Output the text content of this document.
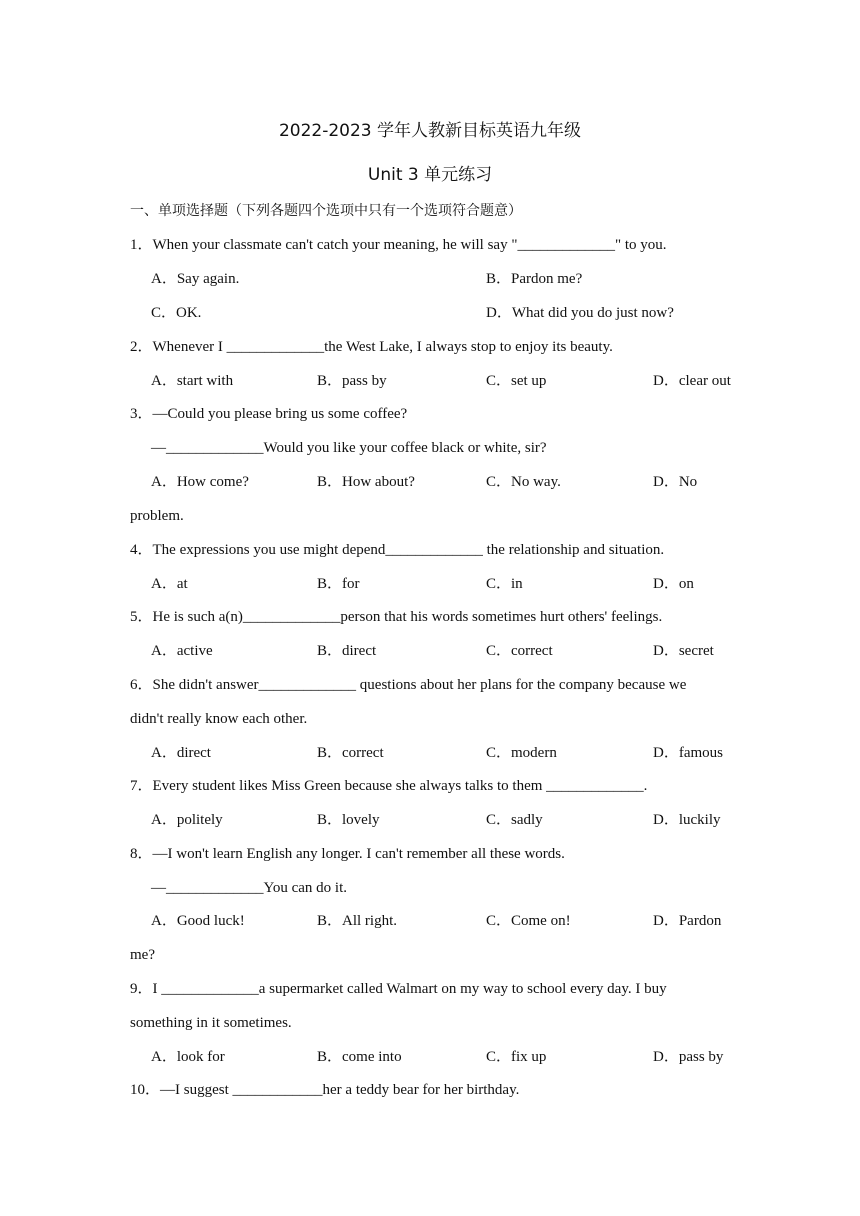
2022-2023 学年人教新目标英语九年级
Unit 3 单元练习
一、单项选择题（下列各题四个选项中只有一个选项符合题意）
1．When your classmate can't catch your meaning, he will say "_____________" to you.
A．Say again.	B．Pardon me?
C．OK.	D．What did you do just now?
2．Whenever I _____________the West Lake, I always stop to enjoy its beauty.
A．start with	B．pass by	C．set up	D．clear out
3．—Could you please bring us some coffee?
—_____________Would you like your coffee black or white, sir?
A．How come?	B．How about?	C．No way.	D．No
problem.
4．The expressions you use might depend_____________ the relationship and situation.
A．at	B．for	C．in	D．on
5．He is such a(n)_____________person that his words sometimes hurt others' feelings.
A．active	B．direct	C．correct	D．secret
6．She didn't answer_____________ questions about her plans for the company because we
didn't really know each other.
A．direct	B．correct	C．modern	D．famous
7．Every student likes Miss Green because she always talks to them _____________.
A．politely	B．lovely	C．sadly	D．luckily
8．—I won't learn English any longer. I can't remember all these words.
—_____________You can do it.
A．Good luck!	B．All right.	C．Come on!	D．Pardon
me?
9．I _____________a supermarket called Walmart on my way to school every day. I buy
something in it sometimes.
A．look for	B．come into	C．fix up	D．pass by
10．—I suggest ____________her a teddy bear for her birthday.
